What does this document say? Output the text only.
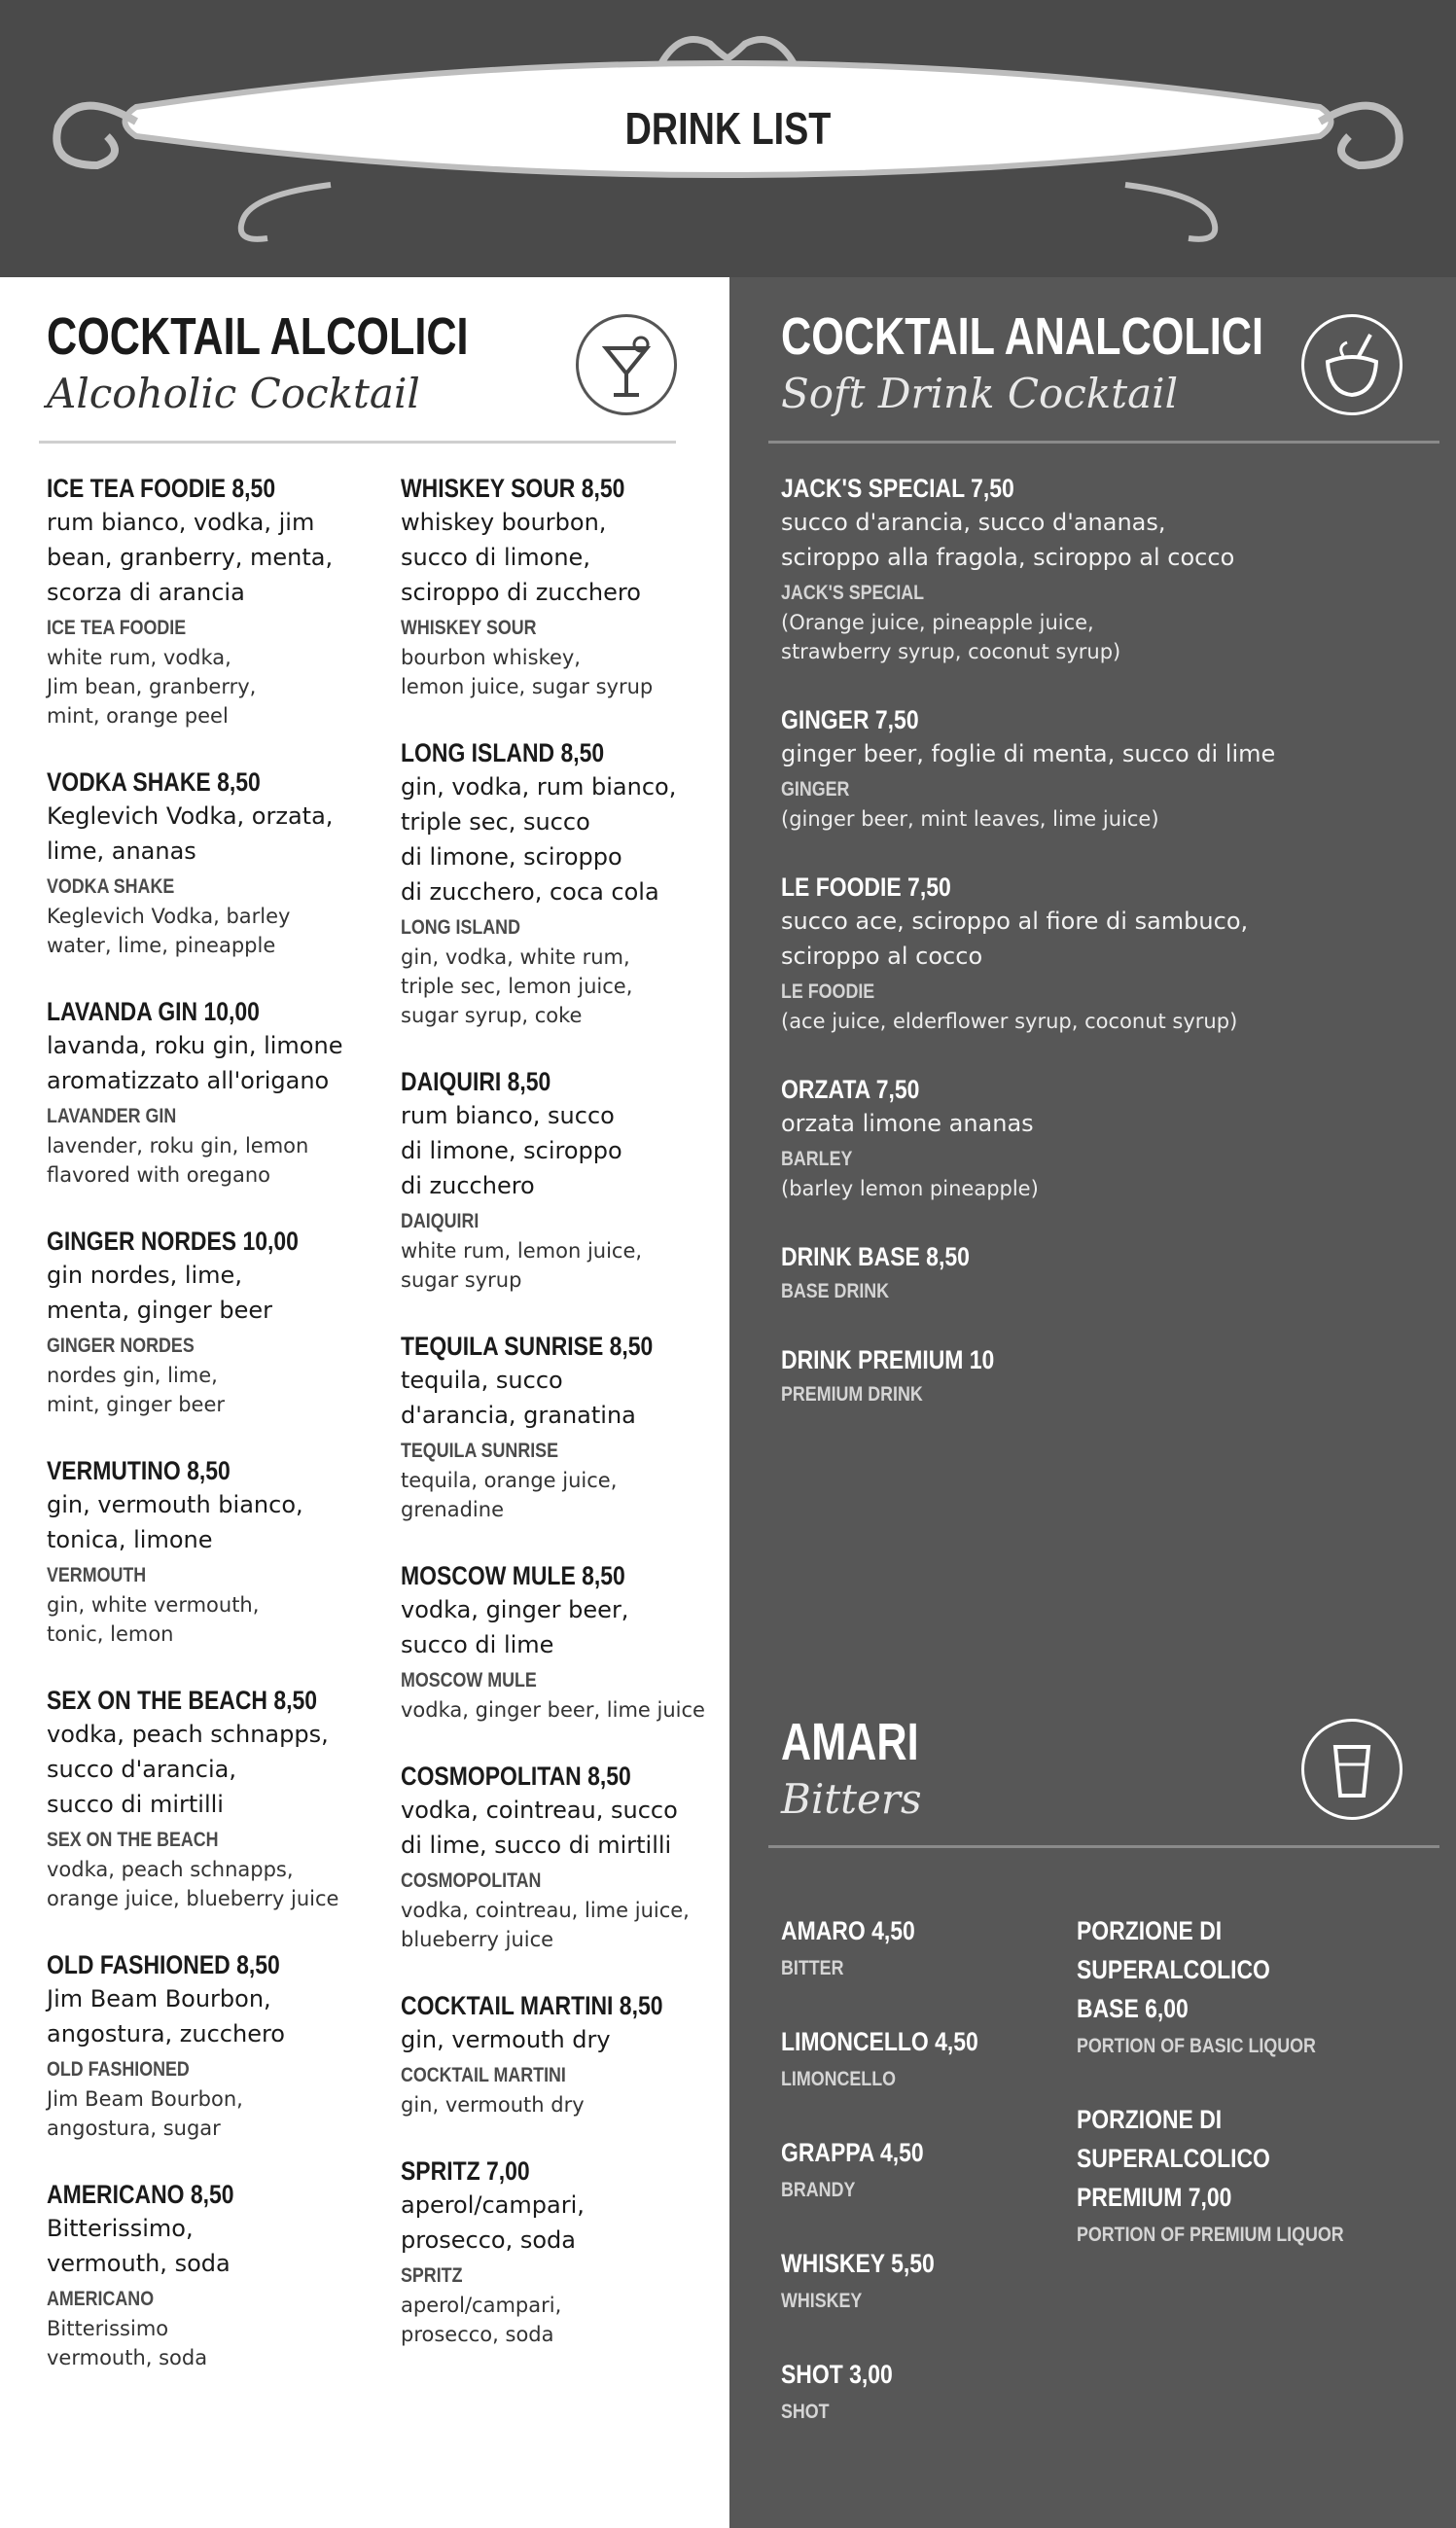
DRINK LIST
COCKTAIL ALCOLICI
Alcoholic Cocktail
ICE TEA FOODIE 8,50
rum bianco, vodka, jim
bean, granberry, menta,
scorza di arancia
ICE TEA FOODIE
white rum, vodka,
Jim bean, granberry,
mint, orange peel
VODKA SHAKE 8,50
Keglevich Vodka, orzata,
lime, ananas
VODKA SHAKE
Keglevich Vodka, barley
water, lime, pineapple
LAVANDA GIN 10,00
lavanda, roku gin, limone
aromatizzato all'origano
LAVANDER GIN
lavender, roku gin, lemon
flavored with oregano
GINGER NORDES 10,00
gin nordes, lime,
menta, ginger beer
GINGER NORDES
nordes gin, lime,
mint, ginger beer
VERMUTINO 8,50
gin, vermouth bianco,
tonica, limone
VERMOUTH
gin, white vermouth,
tonic, lemon
SEX ON THE BEACH 8,50
vodka, peach schnapps,
succo d'arancia,
succo di mirtilli
SEX ON THE BEACH
vodka, peach schnapps,
orange juice, blueberry juice
OLD FASHIONED 8,50
Jim Beam Bourbon,
angostura, zucchero
OLD FASHIONED
Jim Beam Bourbon,
angostura, sugar
AMERICANO 8,50
Bitterissimo,
vermouth, soda
AMERICANO
Bitterissimo
vermouth, soda
WHISKEY SOUR 8,50
whiskey bourbon,
succo di limone,
sciroppo di zucchero
WHISKEY SOUR
bourbon whiskey,
lemon juice, sugar syrup
LONG ISLAND 8,50
gin, vodka, rum bianco,
triple sec, succo
di limone, sciroppo
di zucchero, coca cola
LONG ISLAND
gin, vodka, white rum,
triple sec, lemon juice,
sugar syrup, coke
DAIQUIRI 8,50
rum bianco, succo
di limone, sciroppo
di zucchero
DAIQUIRI
white rum, lemon juice,
sugar syrup
TEQUILA SUNRISE 8,50
tequila, succo
d'arancia, granatina
TEQUILA SUNRISE
tequila, orange juice,
grenadine
MOSCOW MULE 8,50
vodka, ginger beer,
succo di lime
MOSCOW MULE
vodka, ginger beer, lime juice
COSMOPOLITAN 8,50
vodka, cointreau, succo
di lime, succo di mirtilli
COSMOPOLITAN
vodka, cointreau, lime juice,
blueberry juice
COCKTAIL MARTINI 8,50
gin, vermouth dry
COCKTAIL MARTINI
gin, vermouth dry
SPRITZ 7,00
aperol/campari,
prosecco, soda
SPRITZ
aperol/campari,
prosecco, soda
COCKTAIL ANALCOLICI
Soft Drink Cocktail
JACK'S SPECIAL 7,50
succo d'arancia, succo d'ananas,
sciroppo alla fragola, sciroppo al cocco
JACK'S SPECIAL
(Orange juice, pineapple juice,
strawberry syrup, coconut syrup)
GINGER 7,50
ginger beer, foglie di menta, succo di lime
GINGER
(ginger beer, mint leaves, lime juice)
LE FOODIE 7,50
succo ace, sciroppo al fiore di sambuco,
sciroppo al cocco
LE FOODIE
(ace juice, elderflower syrup, coconut syrup)
ORZATA 7,50
orzata limone ananas
BARLEY
(barley lemon pineapple)
DRINK BASE 8,50
BASE DRINK
DRINK PREMIUM 10
PREMIUM DRINK
AMARI
Bitters
AMARO 4,50
BITTER
LIMONCELLO 4,50
LIMONCELLO
GRAPPA 4,50
BRANDY
WHISKEY 5,50
WHISKEY
SHOT 3,00
SHOT
PORZIONE DI SUPERALCOLICO
BASE 6,00
PORTION OF BASIC LIQUOR
PORZIONE DI SUPERALCOLICO
PREMIUM 7,00
PORTION OF PREMIUM LIQUOR
